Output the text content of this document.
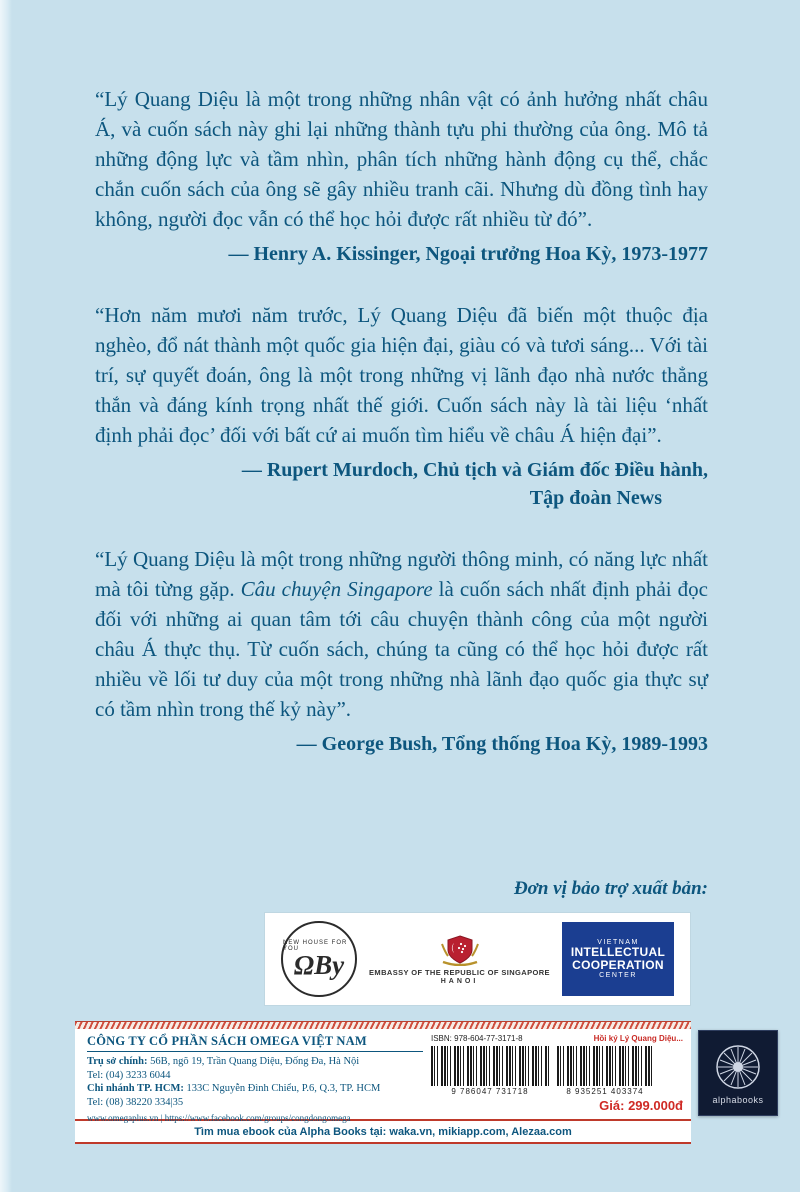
“Lý Quang Diệu là một trong những nhân vật có ảnh hưởng nhất châu Á, và cuốn sách này ghi lại những thành tựu phi thường của ông. Mô tả những động lực và tầm nhìn, phân tích những hành động cụ thể, chắc chắn cuốn sách của ông sẽ gây nhiều tranh cãi. Nhưng dù đồng tình hay không, người đọc vẫn có thể học hỏi được rất nhiều từ đó”.

— Henry A. Kissinger, Ngoại trưởng Hoa Kỳ, 1973-1977

“Hơn năm mươi năm trước, Lý Quang Diệu đã biến một thuộc địa nghèo, đổ nát thành một quốc gia hiện đại, giàu có và tươi sáng... Với tài trí, sự quyết đoán, ông là một trong những vị lãnh đạo nhà nước thẳng thắn và đáng kính trọng nhất thế giới. Cuốn sách này là tài liệu ‘nhất định phải đọc’ đối với bất cứ ai muốn tìm hiểu về châu Á hiện đại”.

— Rupert Murdoch, Chủ tịch và Giám đốc Điều hành,

Tập đoàn News

“Lý Quang Diệu là một trong những người thông minh, có năng lực nhất mà tôi từng gặp. Câu chuyện Singapore là cuốn sách nhất định phải đọc đối với những ai quan tâm tới câu chuyện thành công của một người châu Á thực thụ. Từ cuốn sách, chúng ta cũng có thể học hỏi được rất nhiều về lối tư duy của một trong những nhà lãnh đạo quốc gia thực sự có tầm nhìn trong thế kỷ này”.

— George Bush, Tổng thống Hoa Kỳ, 1989-1993

Đơn vị bảo trợ xuất bản:
NEW HOUSE FOR YOU
ΩBy	EMBASSY OF THE REPUBLIC OF SINGAPORE
HANOI
VIETNAM
INTELLECTUAL
COOPERATION
CENTER
CÔNG TY CỔ PHẦN SÁCH OMEGA VIỆT NAM
Trụ sở chính: 56B, ngõ 19, Trần Quang Diệu, Đống Đa, Hà Nội
Tel: (04) 3233 6044
Chi nhánh TP. HCM: 133C Nguyễn Đình Chiểu, P.6, Q.3, TP. HCM
Tel: (08) 38220 334|35
www.omegaplus.vn | https://www.facebook.com/groups/congdongomega
ISBN: 978-604-77-3171-8	Hồi ký Lý Quang Diệu...
9 786047 731718	8 935251 403374
Giá: 299.000đ
Tìm mua ebook của Alpha Books tại: waka.vn, mikiapp.com, Alezaa.com
alphabooks
